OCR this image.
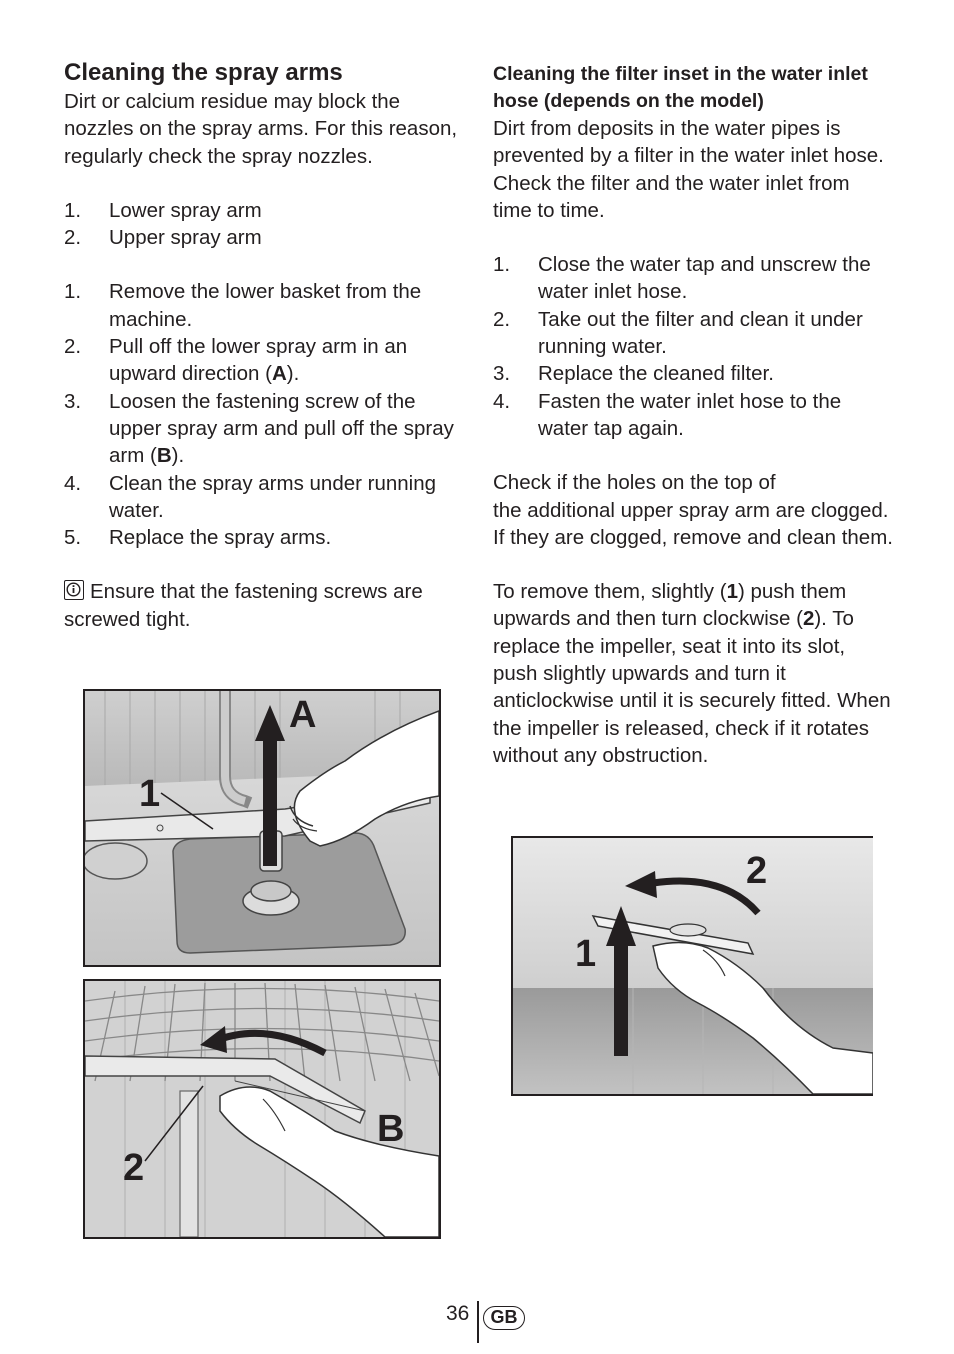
Cleaning the spray arms

Dirt or calcium residue may block the nozzles on the spray arms. For this reason, regularly check the spray nozzles.

1. Lower spray arm
2. Upper spray arm
1. Remove the lower basket from the machine.
2. Pull off the lower spray arm in an upward direction (A).
3. Loosen the fastening screw of the upper spray arm and pull off the spray arm (B).
4. Clean the spray arms under running water.
5. Replace the spray arms.

Ensure that the fastening screws are screwed tight.

Cleaning the filter inset in the water inlet hose (depends on the model)

Dirt from deposits in the water pipes is prevented by a filter in the water inlet hose. Check the filter and the water inlet from time to time.

1. Close the water tap and unscrew the water inlet hose.
2. Take out the filter and clean it under running water.
3. Replace the cleaned filter.
4. Fasten the water inlet hose to the water tap again.

Check if the holes on the top of
the additional upper spray arm are clogged. If they are clogged, remove and clean them.

To remove them, slightly (1) push them upwards and then turn clockwise (2). To replace the impeller, seat it into its slot, push slightly upwards and turn it anticlockwise until it is securely fitted. When the impeller is released, check if it rotates without any obstruction.

A
1
B
2
1
2
36	GB
